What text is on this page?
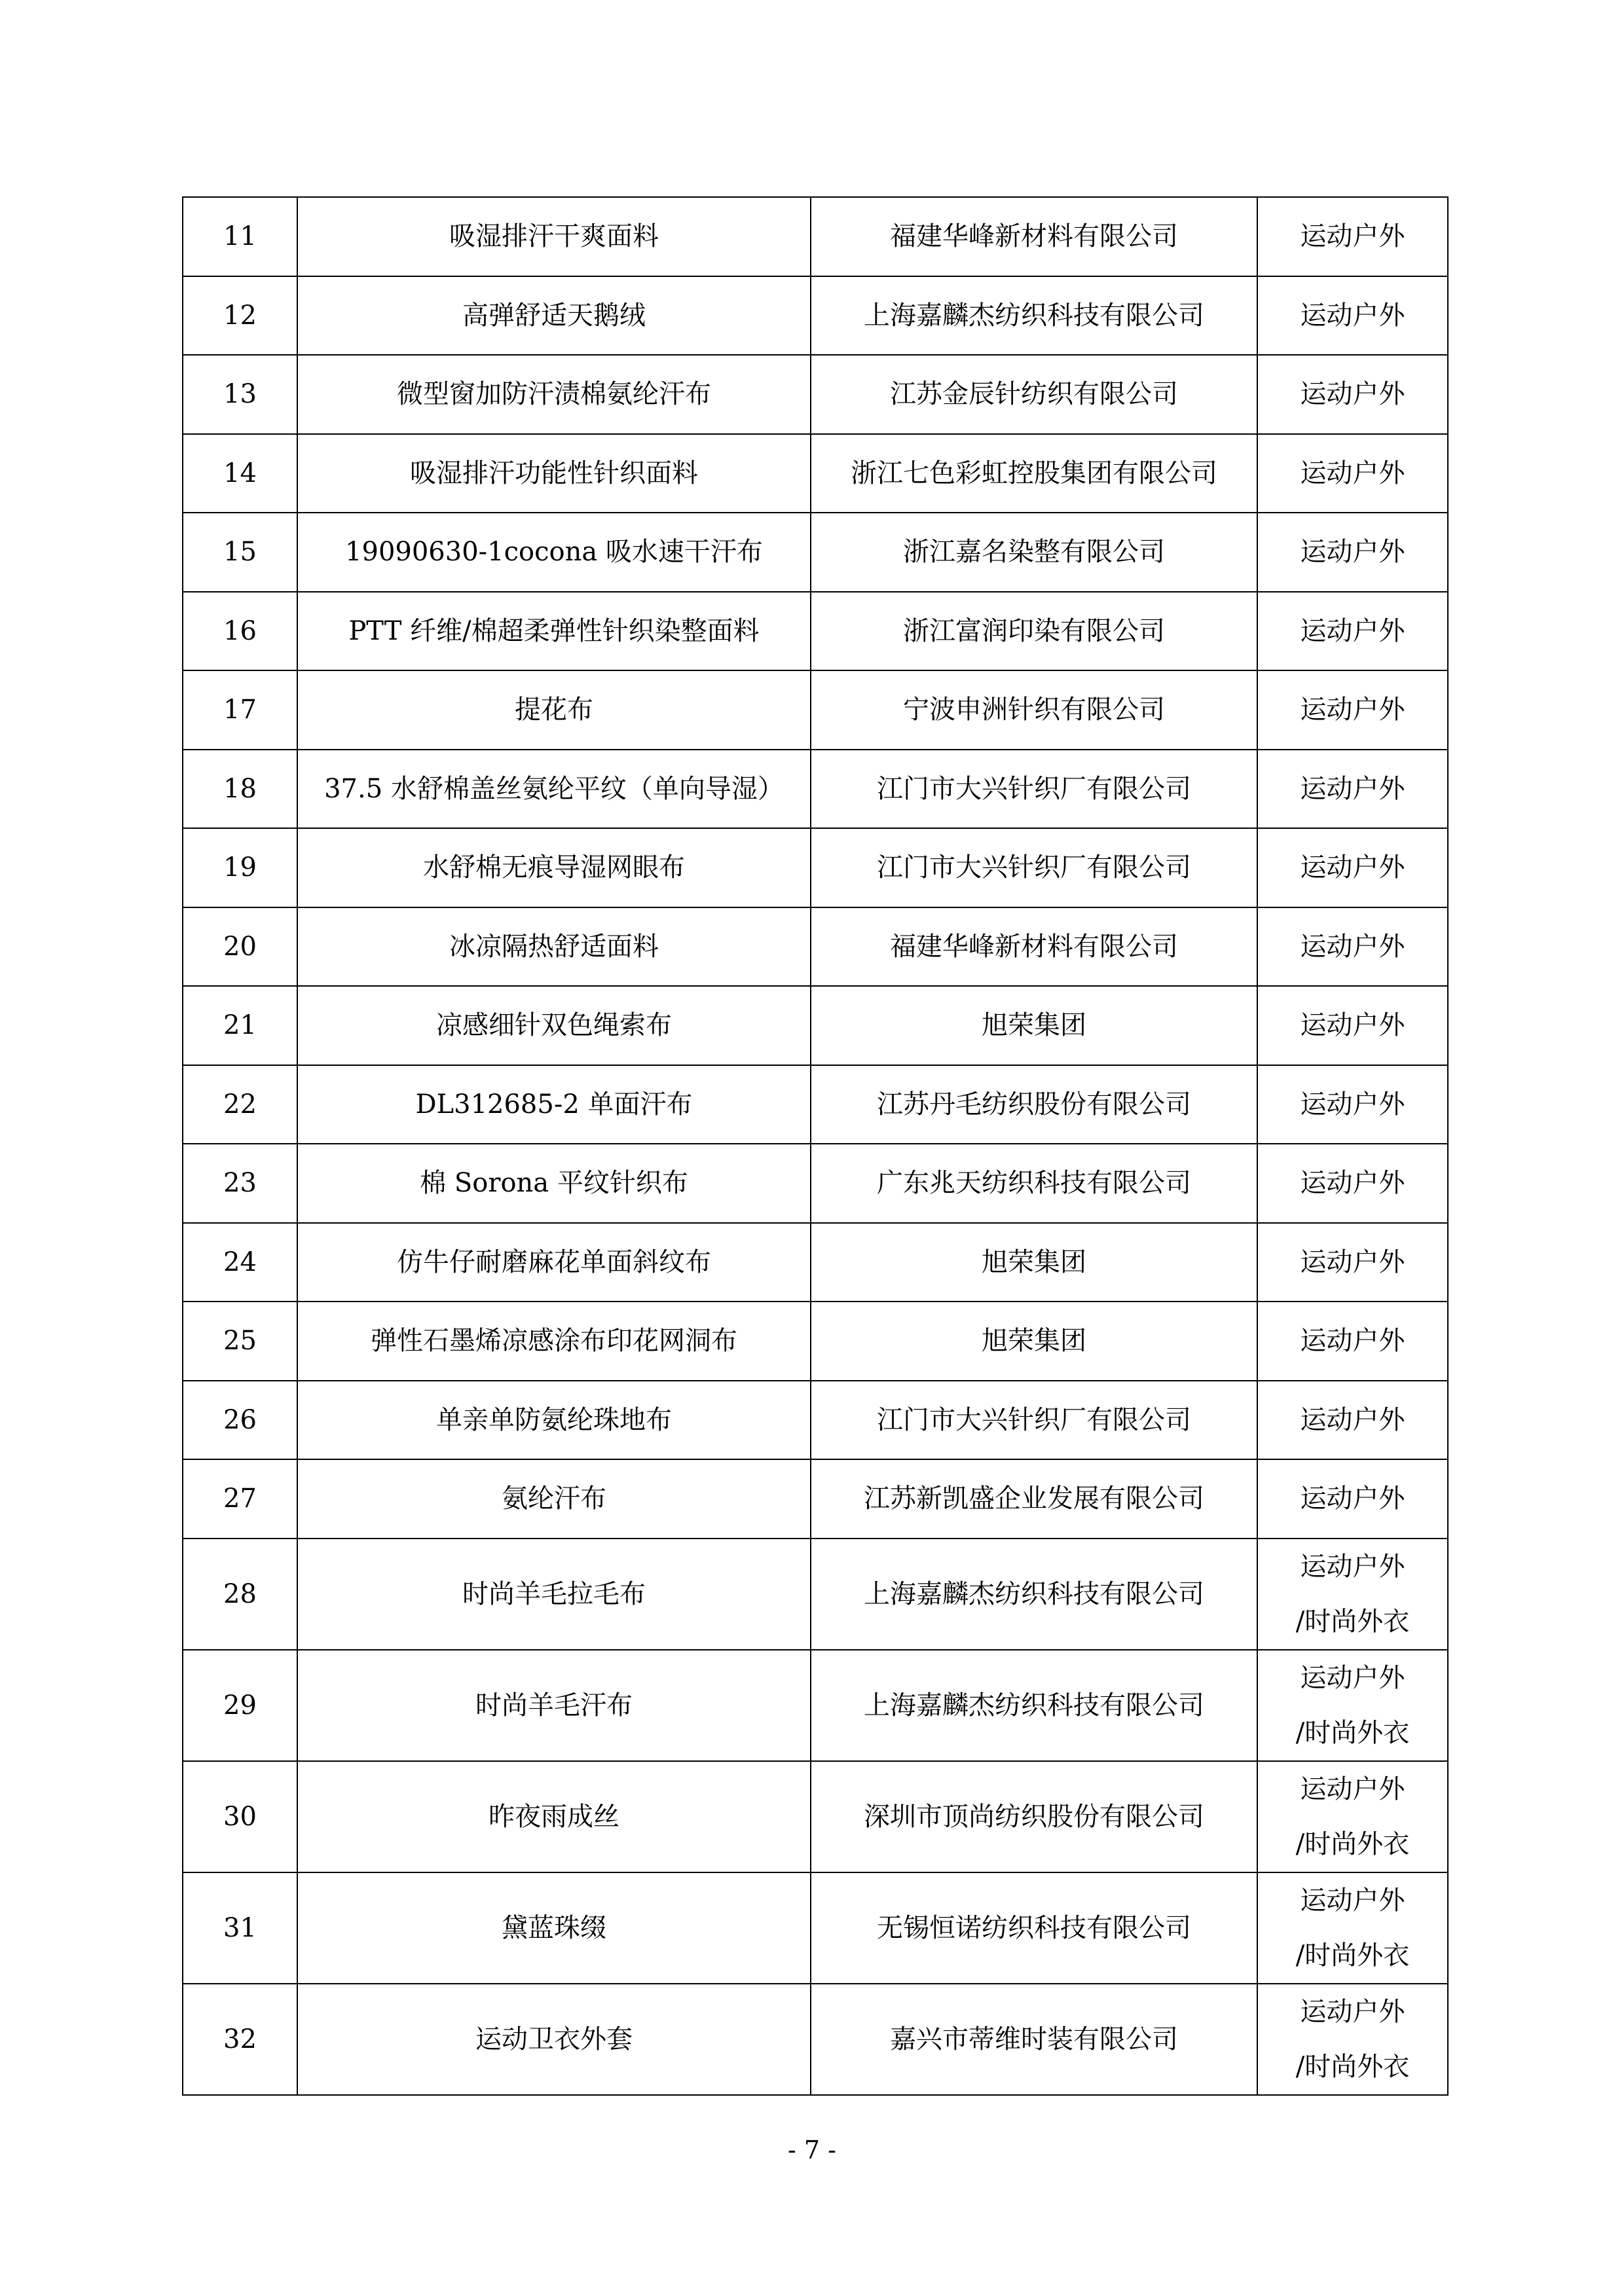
11	吸湿排汗干爽面料	福建华峰新材料有限公司	运动户外

12	高弹舒适天鹅绒	上海嘉麟杰纺织科技有限公司	运动户外

13	微型窗加防汗渍棉氨纶汗布	江苏金辰针纺织有限公司	运动户外

14	吸湿排汗功能性针织面料	浙江七色彩虹控股集团有限公司	运动户外

15	19090630-1cocona 吸水速干汗布	浙江嘉名染整有限公司	运动户外

16	PTT 纤维/棉超柔弹性针织染整面料	浙江富润印染有限公司	运动户外

17	提花布	宁波申洲针织有限公司	运动户外

18	37.5 水舒棉盖丝氨纶平纹（单向导湿）	江门市大兴针织厂有限公司	运动户外

19	水舒棉无痕导湿网眼布	江门市大兴针织厂有限公司	运动户外

20	冰凉隔热舒适面料	福建华峰新材料有限公司	运动户外

21	凉感细针双色绳索布	旭荣集团	运动户外

22	DL312685-2 单面汗布	江苏丹毛纺织股份有限公司	运动户外

23	棉 Sorona 平纹针织布	广东兆天纺织科技有限公司	运动户外

24	仿牛仔耐磨麻花单面斜纹布	旭荣集团	运动户外

25	弹性石墨烯凉感涂布印花网洞布	旭荣集团	运动户外

26	单亲单防氨纶珠地布	江门市大兴针织厂有限公司	运动户外

27	氨纶汗布	江苏新凯盛企业发展有限公司	运动户外

28	时尚羊毛拉毛布	上海嘉麟杰纺织科技有限公司	运动户外
/时尚外衣

29	时尚羊毛汗布	上海嘉麟杰纺织科技有限公司	运动户外
/时尚外衣

30	昨夜雨成丝	深圳市顶尚纺织股份有限公司	运动户外
/时尚外衣

31	黛蓝珠缀	无锡恒诺纺织科技有限公司	运动户外
/时尚外衣

32	运动卫衣外套	嘉兴市蒂维时装有限公司	运动户外
/时尚外衣
- 7 -
